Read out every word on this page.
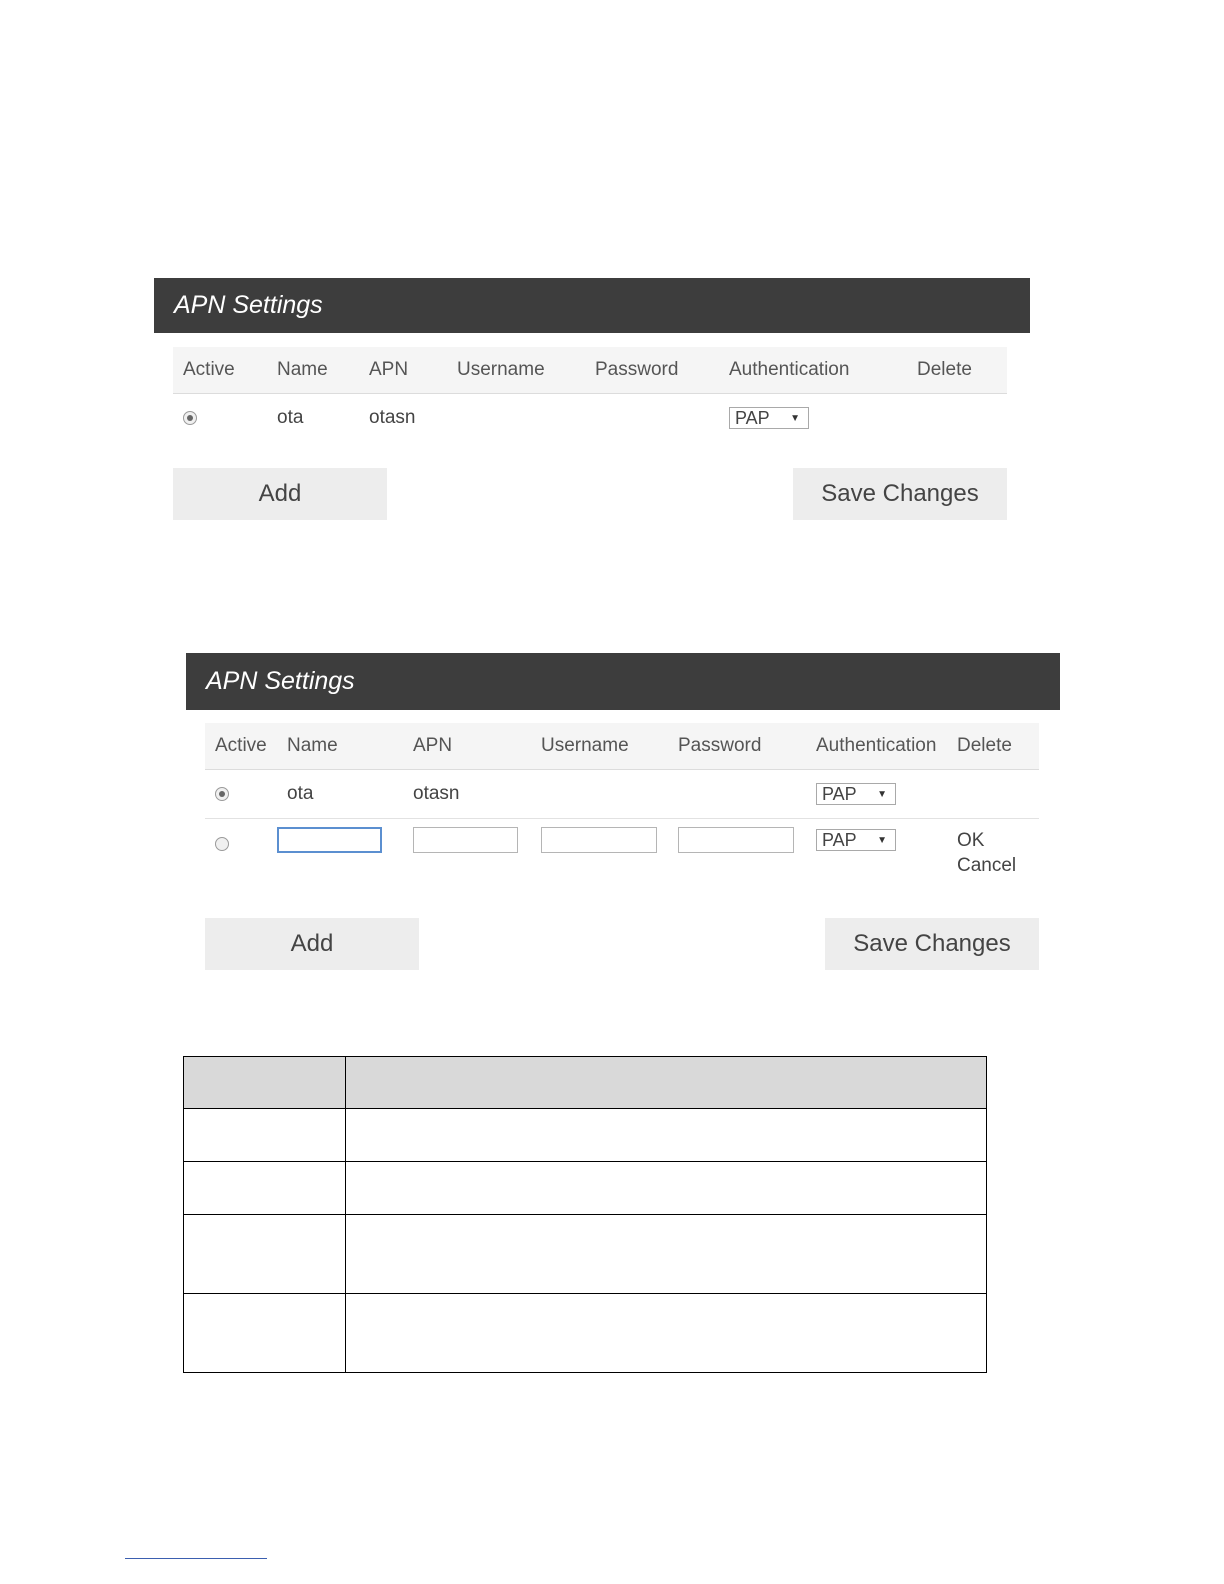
APN Settings
Active	Name	APN	Username	Password	Authentication	Delete
	ota	otasn			PAP ▼	

Add	Save Changes
APN Settings
Active	Name	APN	Username	Password	Authentication	Delete
	ota	otasn			PAP ▼	

					PAP ▼	OK
Cancel
Add	Save Changes
